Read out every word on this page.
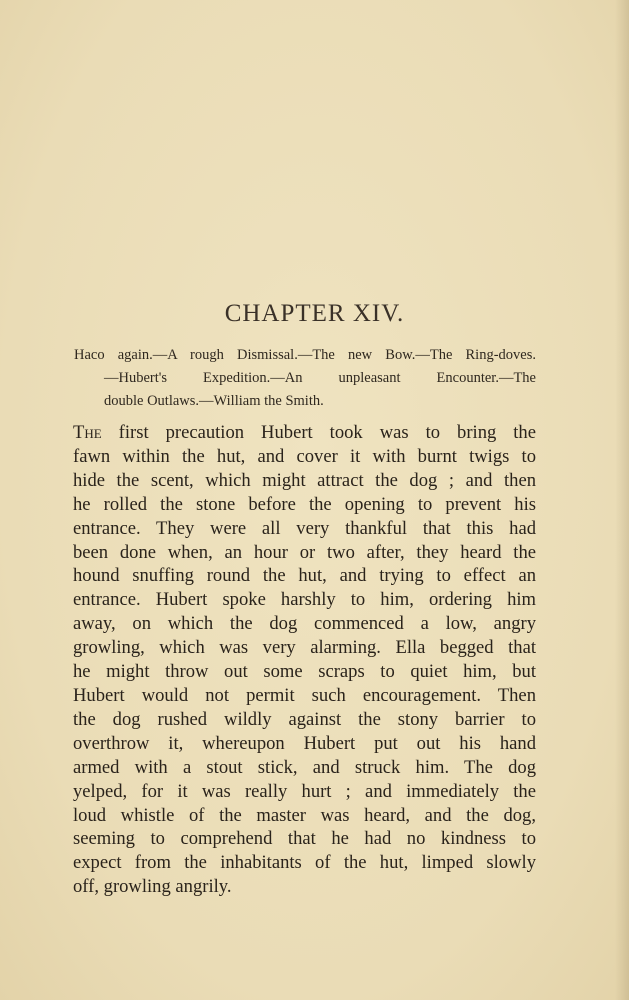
CHAPTER XIV.
Haco again.—A rough Dismissal.—The new Bow.—The Ring-doves.
—Hubert's Expedition.—An unpleasant Encounter.—The
double Outlaws.—William the Smith.
The first precaution Hubert took was to bring the
fawn within the hut, and cover it with burnt twigs to
hide the scent, which might attract the dog ; and then
he rolled the stone before the opening to prevent his
entrance. They were all very thankful that this had
been done when, an hour or two after, they heard the
hound snuffing round the hut, and trying to effect an
entrance. Hubert spoke harshly to him, ordering him
away, on which the dog commenced a low, angry
growling, which was very alarming. Ella begged that
he might throw out some scraps to quiet him, but
Hubert would not permit such encouragement. Then
the dog rushed wildly against the stony barrier to
overthrow it, whereupon Hubert put out his hand
armed with a stout stick, and struck him. The dog
yelped, for it was really hurt ; and immediately the
loud whistle of the master was heard, and the dog,
seeming to comprehend that he had no kindness to
expect from the inhabitants of the hut, limped slowly
off, growling angrily.
